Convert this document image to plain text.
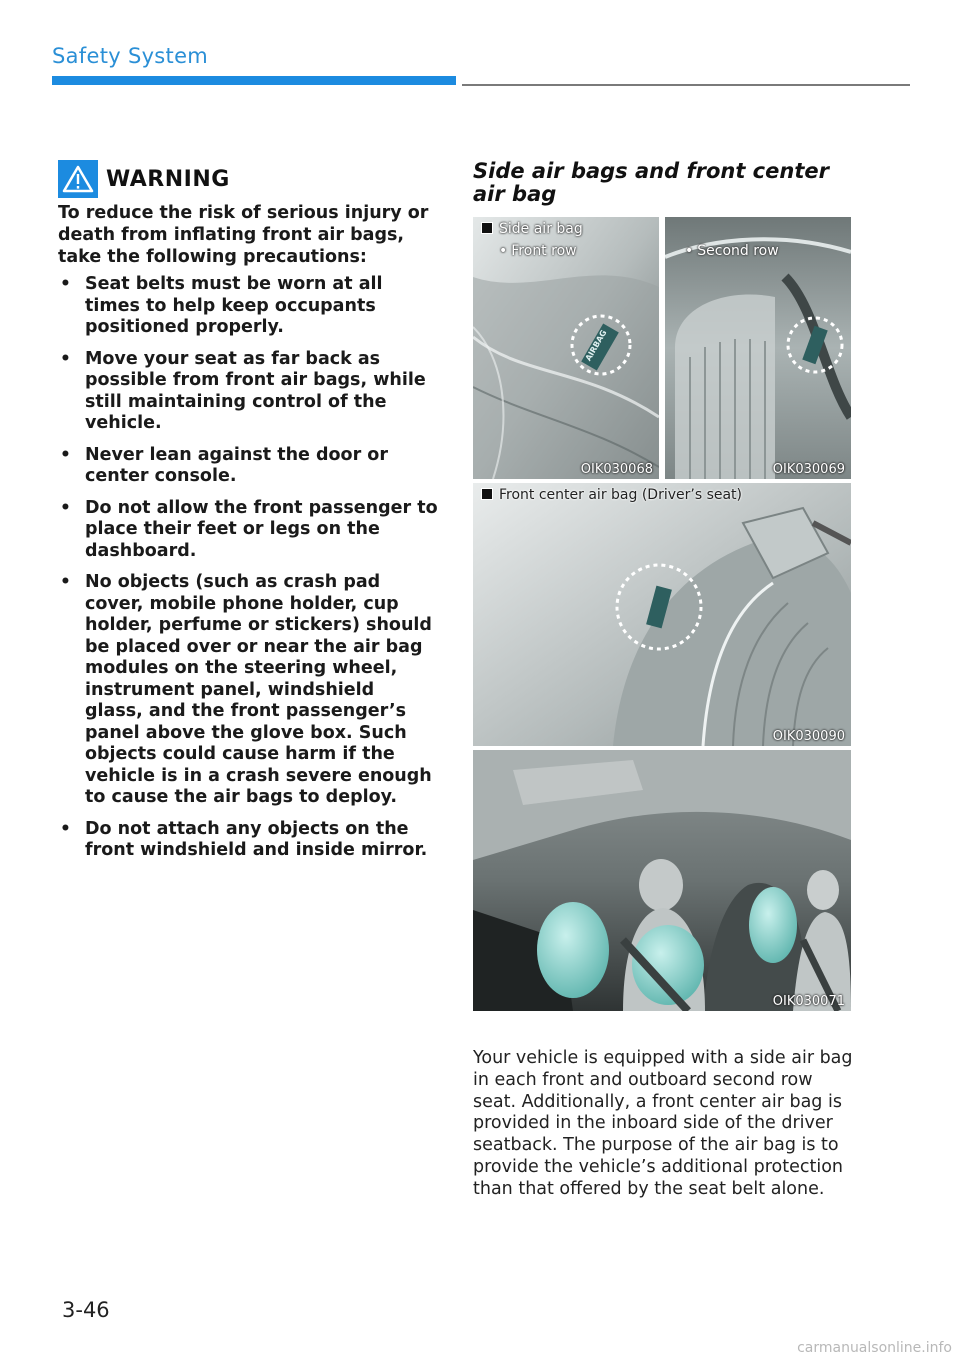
Safety System
WARNING

To reduce the risk of serious injury or death from inflating front air bags, take the following precautions:

• Seat belts must be worn at all times to help keep occupants positioned properly.
• Move your seat as far back as possible from front air bags, while still maintaining control of the vehicle.
• Never lean against the door or center console.
• Do not allow the front passenger to place their feet or legs on the dashboard.
• No objects (such as crash pad cover, mobile phone holder, cup holder, perfume or stickers) should be placed over or near the air bag modules on the steering wheel, instrument panel, windshield glass, and the front passenger’s panel above the glove box. Such objects could cause harm if the vehicle is in a crash severe enough to cause the air bags to deploy.
• Do not attach any objects on the front windshield and inside mirror.
Side air bags and front center air bag
Side air bag
• Front row
AIRBAG
OIK030068
• Second row
OIK030069
Front center air bag (Driver’s seat)
OIK030090
OIK030071

Your vehicle is equipped with a side air bag in each front and outboard second row seat. Additionally, a front center air bag is provided in the inboard side of the driver seatback. The purpose of the air bag is to provide the vehicle’s additional protection than that offered by the seat belt alone.

3-46
carmanualsonline.info
